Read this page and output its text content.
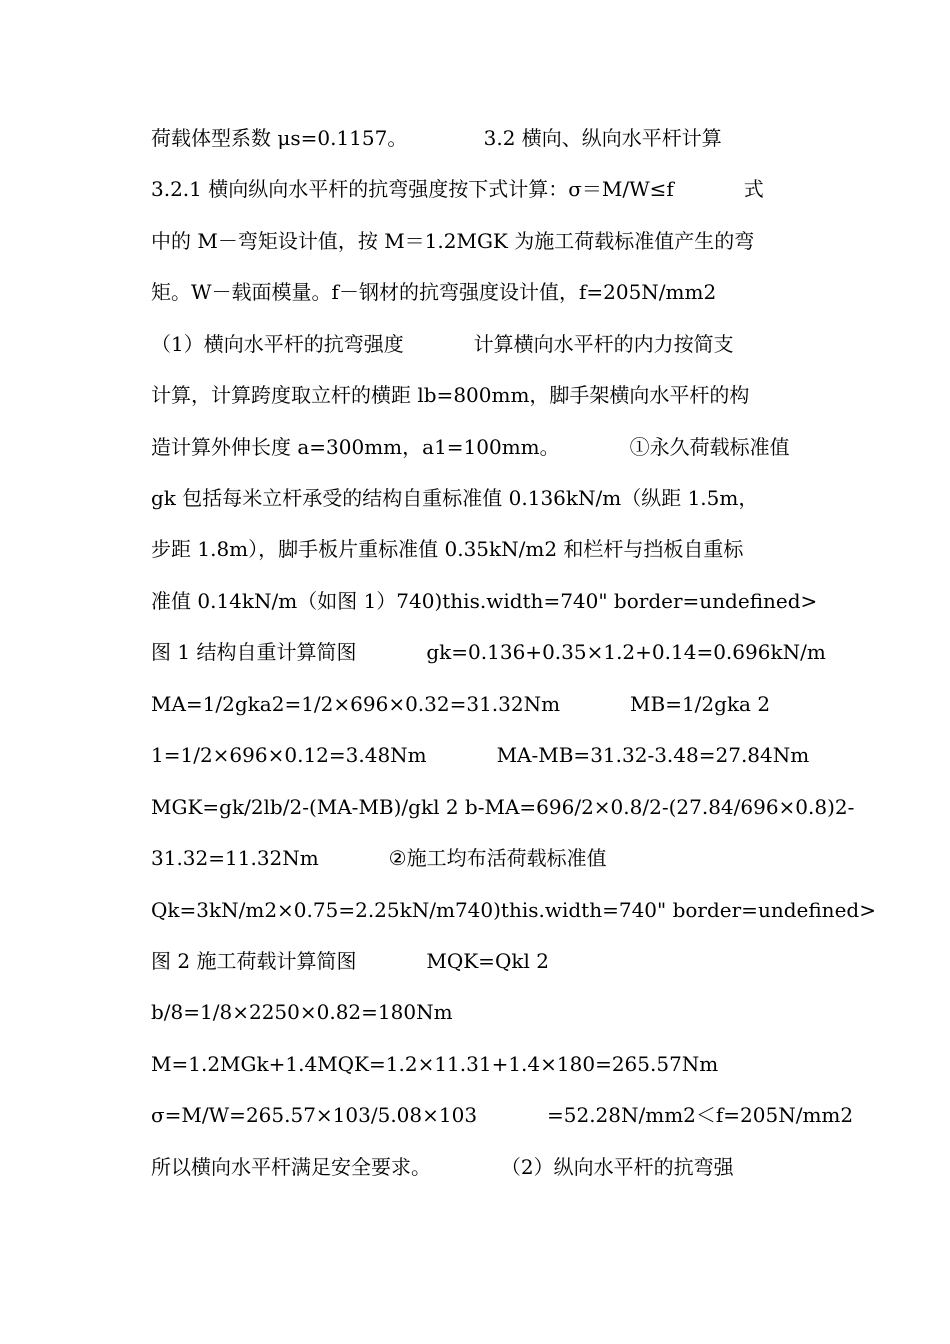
荷载体型系数 μs=0.1157。            3.2 横向、纵向水平杆计算
3.2.1 横向纵向水平杆的抗弯强度按下式计算：σ＝M/W≤f           式
中的 M－弯矩设计值，按 M＝1.2MGK 为施工荷载标准值产生的弯
矩。W－载面模量。f－钢材的抗弯强度设计值，f=205N/mm2
（1）横向水平杆的抗弯强度           计算横向水平杆的内力按简支
计算，计算跨度取立杆的横距 lb=800mm，脚手架横向水平杆的构
造计算外伸长度 a=300mm，a1=100mm。           ①永久荷载标准值
gk 包括每米立杆承受的结构自重标准值 0.136kN/m（纵距 1.5m，
步距 1.8m），脚手板片重标准值 0.35kN/m2 和栏杆与挡板自重标
准值 0.14kN/m（如图 1）740)this.width=740" border=undefined>
图 1 结构自重计算简图           gk=0.136+0.35×1.2+0.14=0.696kN/m
MA=1/2gka2=1/2×696×0.32=31.32Nm           MB=1/2gka 2
1=1/2×696×0.12=3.48Nm           MA-MB=31.32-3.48=27.84Nm
MGK=gk/2lb/2-(MA-MB)/gkl 2 b-MA=696/2×0.8/2-(27.84/696×0.8)2-
31.32=11.32Nm           ②施工均布活荷载标准值
Qk=3kN/m2×0.75=2.25kN/m740)this.width=740" border=undefined>
图 2 施工荷载计算简图           MQK=Qkl 2
b/8=1/8×2250×0.82=180Nm
M=1.2MGk+1.4MQK=1.2×11.31+1.4×180=265.57Nm
σ=M/W=265.57×103/5.08×103           =52.28N/mm2＜f=205N/mm2
所以横向水平杆满足安全要求。           （2）纵向水平杆的抗弯强
